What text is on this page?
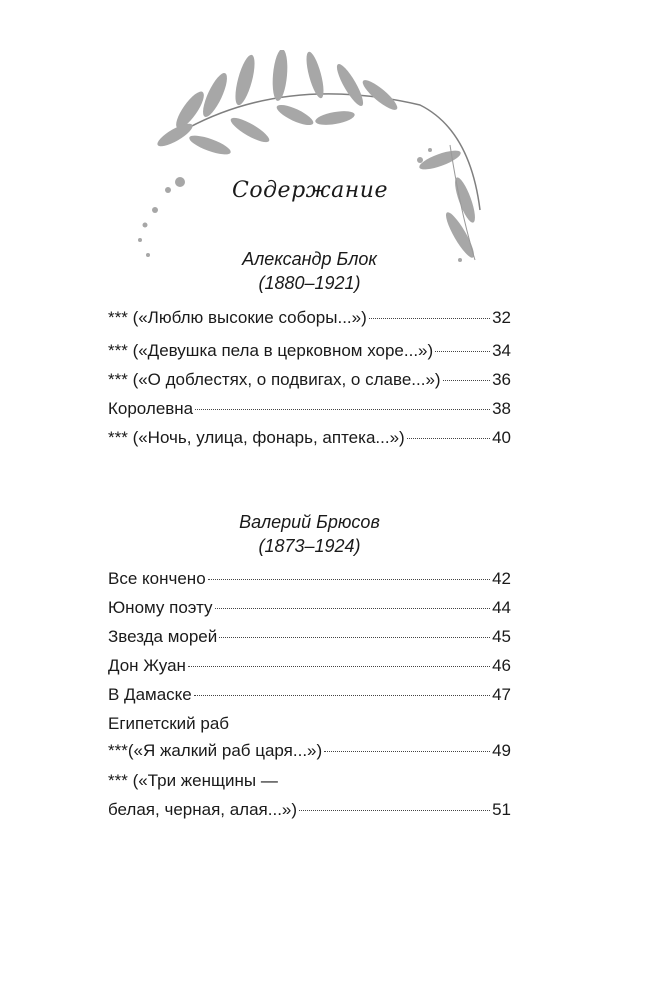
Содержание
Александр Блок
(1880–1921)
*** («Люблю высокие соборы...»)	32
*** («Девушка пела в церковном хоре...»)	34
*** («О доблестях, о подвигах, о славе...»)	36
Королевна	38
*** («Ночь, улица, фонарь, аптека...»)	40
Валерий Брюсов
(1873–1924)
Все кончено	42
Юному поэту	44
Звезда морей	45
Дон Жуан	46
В Дамаске	47
Египетский раб
***(«Я жалкий раб царя...»)	49
*** («Три женщины —
белая, черная, алая...»)	51
